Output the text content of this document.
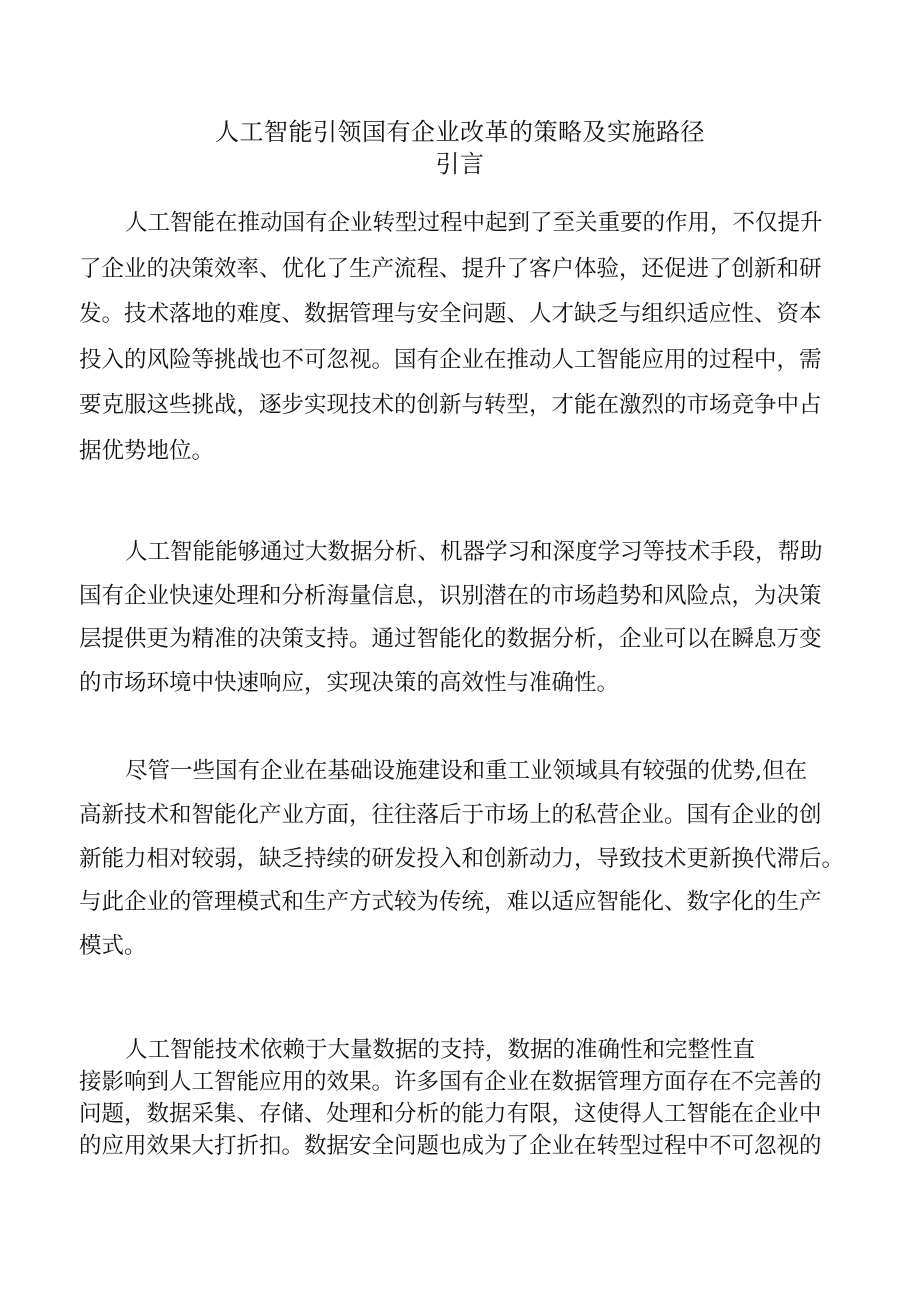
人工智能引领国有企业改革的策略及实施路径
引言
人工智能在推动国有企业转型过程中起到了至关重要的作用，不仅提升
了企业的决策效率、优化了生产流程、提升了客户体验，还促进了创新和研
发。技术落地的难度、数据管理与安全问题、人才缺乏与组织适应性、资本
投入的风险等挑战也不可忽视。国有企业在推动人工智能应用的过程中，需
要克服这些挑战，逐步实现技术的创新与转型，才能在激烈的市场竞争中占
据优势地位。
人工智能能够通过大数据分析、机器学习和深度学习等技术手段，帮助
国有企业快速处理和分析海量信息，识别潜在的市场趋势和风险点，为决策
层提供更为精准的决策支持。通过智能化的数据分析，企业可以在瞬息万变
的市场环境中快速响应，实现决策的高效性与准确性。
尽管一些国有企业在基础设施建设和重工业领域具有较强的优势,但在
高新技术和智能化产业方面，往往落后于市场上的私营企业。国有企业的创
新能力相对较弱，缺乏持续的研发投入和创新动力，导致技术更新换代滞后。
与此企业的管理模式和生产方式较为传统，难以适应智能化、数字化的生产
模式。
人工智能技术依赖于大量数据的支持，数据的准确性和完整性直
接影响到人工智能应用的效果。许多国有企业在数据管理方面存在不完善的
问题，数据采集、存储、处理和分析的能力有限，这使得人工智能在企业中
的应用效果大打折扣。数据安全问题也成为了企业在转型过程中不可忽视的
